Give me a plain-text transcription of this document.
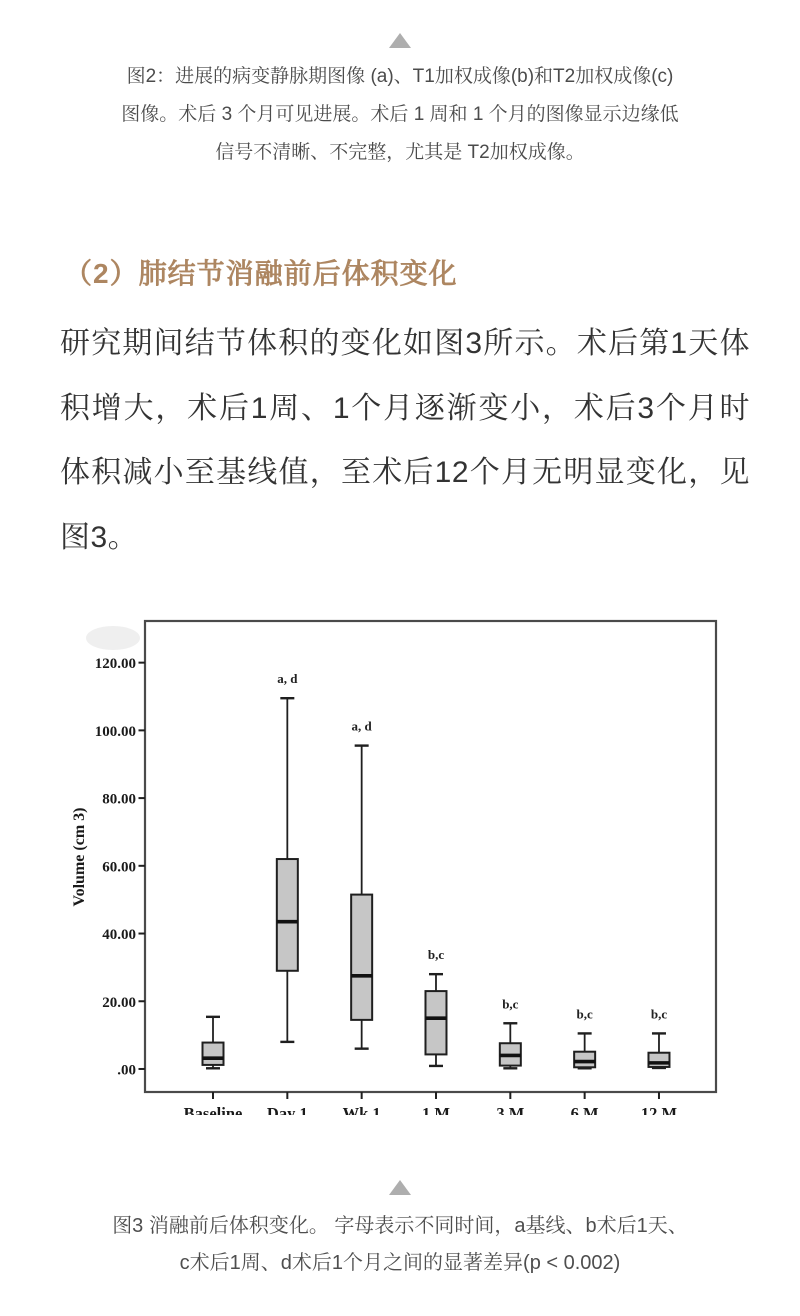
图2：进展的病变静脉期图像 (a)、T1加权成像(b)和T2加权成像(c)
图像。术后 3 个月可见进展。术后 1 周和 1 个月的图像显示边缘低
信号不清晰、不完整，尤其是 T2加权成像。
（2）肺结节消融前后体积变化
研究期间结节体积的变化如图3所示。术后第1天体积增大，术后1周、1个月逐渐变小，术后3个月时体积减小至基线值，至术后12个月无明显变化，见图3。
.00
20.00
40.00
60.00
80.00
100.00
120.00
Volume (cm 3)
Baseline
a, d
Day 1
a, d
Wk 1
b,c
1 M
b,c
3 M
b,c
6 M
b,c
12 M
图3 消融前后体积变化。 字母表示不同时间，a基线、b术后1天、
c术后1周、d术后1个月之间的显著差异(p < 0.002)
